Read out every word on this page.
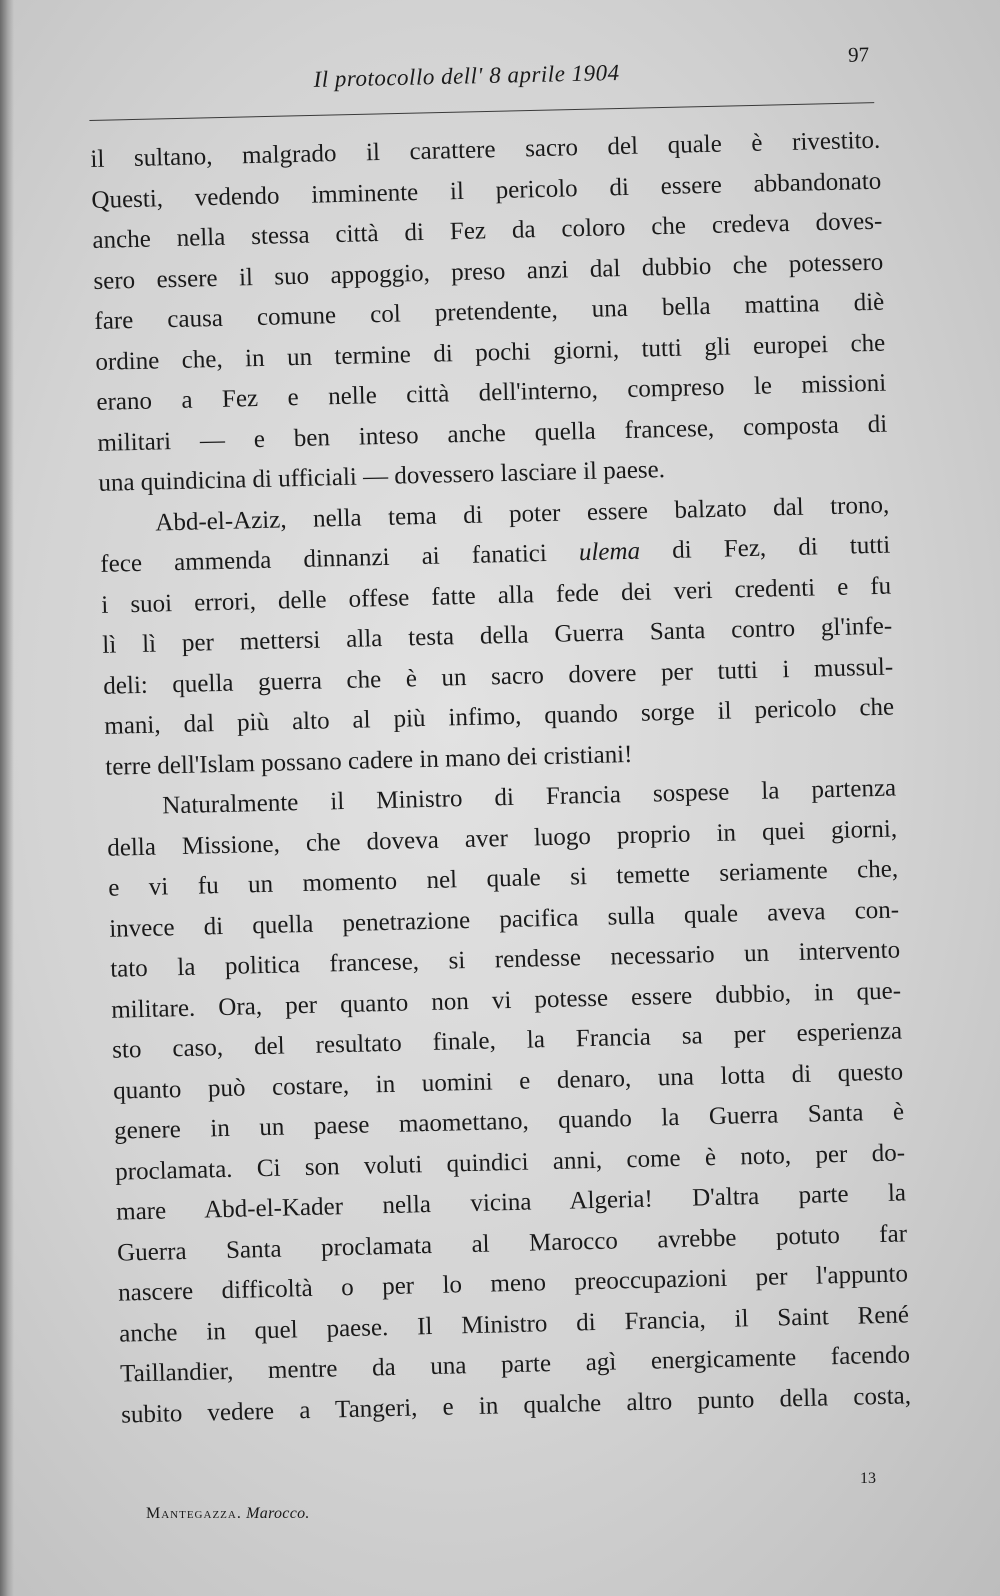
Il protocollo dell' 8 aprile 1904
97
il sultano, malgrado il carattere sacro del quale è rivestito.
Questi, vedendo imminente il pericolo di essere abbandonato
anche nella stessa città di Fez da coloro che credeva doves-
sero essere il suo appoggio, preso anzi dal dubbio che potessero
fare causa comune col pretendente, una bella mattina diè
ordine che, in un termine di pochi giorni, tutti gli europei che
erano a Fez e nelle città dell'interno, compreso le missioni
militari — e ben inteso anche quella francese, composta di
una quindicina di ufficiali — dovessero lasciare il paese.
Abd-el-Aziz, nella tema di poter essere balzato dal trono,
fece ammenda dinnanzi ai fanatici ulema di Fez, di tutti
i suoi errori, delle offese fatte alla fede dei veri credenti e fu
lì lì per mettersi alla testa della Guerra Santa contro gl'infe-
deli: quella guerra che è un sacro dovere per tutti i mussul-
mani, dal più alto al più infimo, quando sorge il pericolo che
terre dell'Islam possano cadere in mano dei cristiani!
Naturalmente il Ministro di Francia sospese la partenza
della Missione, che doveva aver luogo proprio in quei giorni,
e vi fu un momento nel quale si temette seriamente che,
invece di quella penetrazione pacifica sulla quale aveva con-
tato la politica francese, si rendesse necessario un intervento
militare. Ora, per quanto non vi potesse essere dubbio, in que-
sto caso, del resultato finale, la Francia sa per esperienza
quanto può costare, in uomini e denaro, una lotta di questo
genere in un paese maomettano, quando la Guerra Santa è
proclamata. Ci son voluti quindici anni, come è noto, per do-
mare Abd-el-Kader nella vicina Algeria! D'altra parte la
Guerra Santa proclamata al Marocco avrebbe potuto far
nascere difficoltà o per lo meno preoccupazioni per l'appunto
anche in quel paese. Il Ministro di Francia, il Saint René
Taillandier, mentre da una parte agì energicamente facendo
subito vedere a Tangeri, e in qualche altro punto della costa,
13
Mantegazza. Marocco.
